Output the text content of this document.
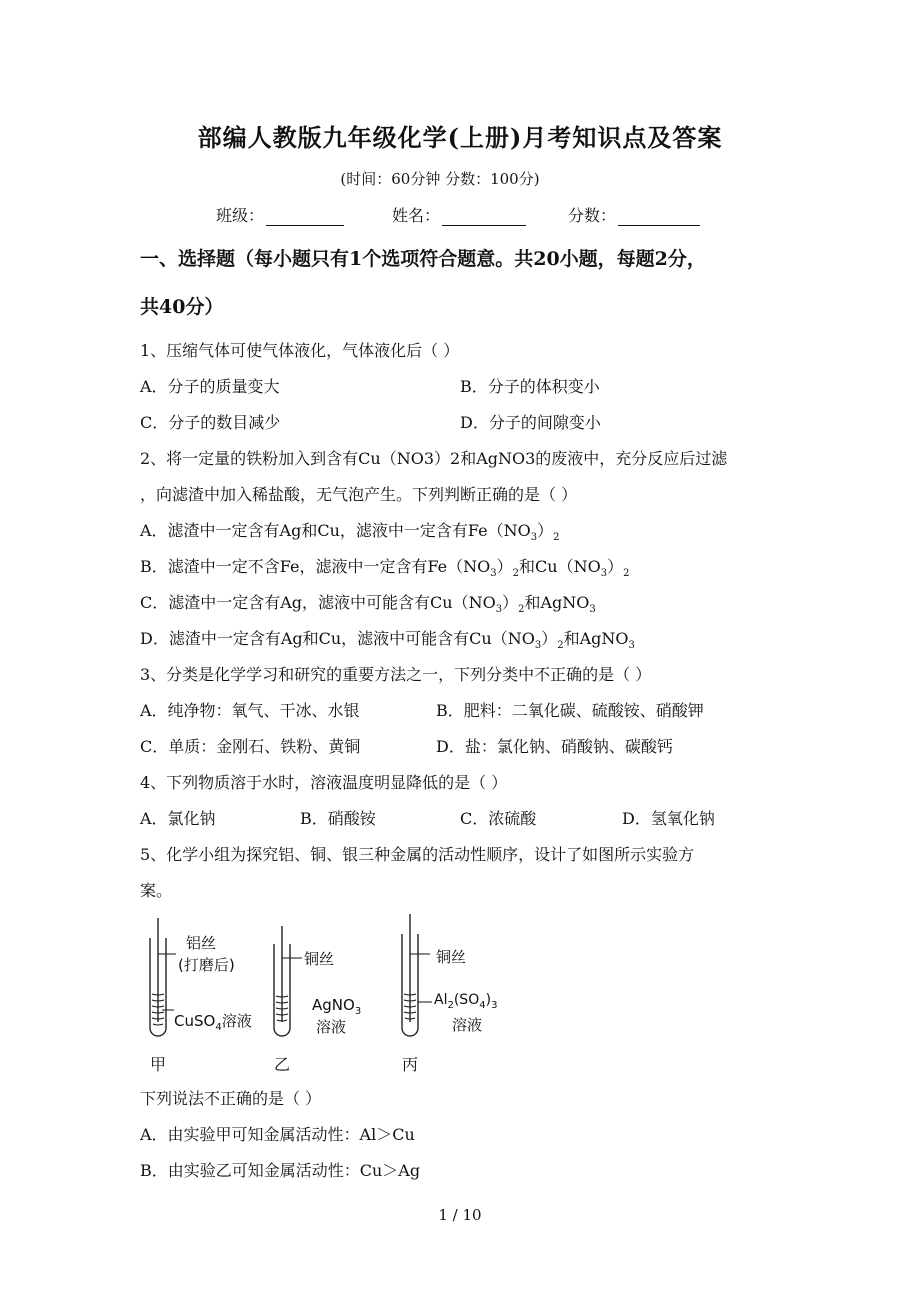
部编人教版九年级化学(上册)月考知识点及答案
(时间：60分钟 分数：100分)
班级：	姓名：	分数：
一、选择题（每小题只有1个选项符合题意。共20小题，每题2分，
共40分）
1、压缩气体可使气体液化，气体液化后（ ）
A．分子的质量变大	B．分子的体积变小
C．分子的数目减少	D．分子的间隙变小
2、将一定量的铁粉加入到含有Cu（NO3）2和AgNO3的废液中，充分反应后过滤
，向滤渣中加入稀盐酸，无气泡产生。下列判断正确的是（ ）
A．滤渣中一定含有Ag和Cu，滤液中一定含有$Fe(NO_3)_2$
B．滤渣中一定不含Fe，滤液中一定含有$Fe(NO_3)_2$和$Cu(NO_3)_2$
C．滤渣中一定含有Ag，滤液中可能含有$Cu(NO_3)_2$和AgNO$_3$
D．滤渣中一定含有Ag和Cu，滤液中可能含有$Cu(NO_3)_2$和AgNO$_3$
3、分类是化学学习和研究的重要方法之一，下列分类中不正确的是（ ）
A．纯净物：氧气、干冰、水银	B．肥料：二氧化碳、硫酸铵、硝酸钾
C．单质：金刚石、铁粉、黄铜	D．盐：氯化钠、硝酸钠、碳酸钙
4、下列物质溶于水时，溶液温度明显降低的是（ ）
A．氯化钠	B．硝酸铵	C．浓硫酸	D．氢氧化钠
5、化学小组为探究铝、铜、银三种金属的活动性顺序，设计了如图所示实验方
案。
铝丝
(打磨后)
CuSO$_4$溶液
甲
铜丝
AgNO$_3$
溶液
乙
铜丝
$Al_2(SO_4)_3$
溶液
丙
下列说法不正确的是（ ）
A．由实验甲可知金属活动性：Al＞Cu
B．由实验乙可知金属活动性：Cu＞Ag
1 / 10
